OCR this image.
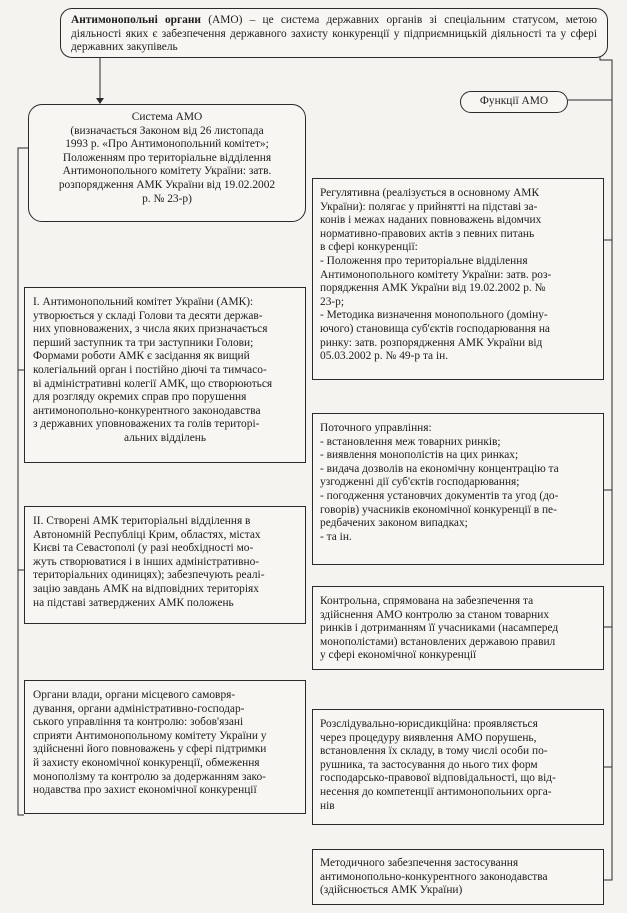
Антимонопольні органи (АМО) – це система державних органів зі спеціальним статусом, метою діяльності яких є забезпечення державного захисту конкуренції у підприємницькій діяльності та у сфері державних закупівель
Система АМО
(визначається Законом від 26 листопада
1993 р. «Про Антимонопольний комітет»;
Положенням про територіальне відділення
Антимонопольного комітету України: затв.
розпорядження АМК України від 19.02.2002
р. № 23-р)
Функції АМО
І. Антимонопольний комітет України (АМК):
утворюється у складі Голови та десяти держав-
них уповноважених, з числа яких призначається
перший заступник та три заступники Голови;
Формами роботи АМК є засідання як вищий
колегіальний орган і постійно діючі та тимчасо-
ві адміністративні колегії АМК, що створюються
для розгляду окремих справ про порушення
антимонопольно-конкурентного законодавства
з державних уповноважених та голів територі-
альних відділень
ІІ. Створені АМК територіальні відділення в
Автономній Республіці Крим, областях, містах
Києві та Севастополі (у разі необхідності мо-
жуть створюватися і в інших адміністративно-
територіальних одиницях); забезпечують реалі-
зацію завдань АМК на відповідних територіях
на підставі затверджених АМК положень
Органи влади, органи місцевого самовря-
дування, органи адміністративно-господар-
ського управління та контролю: зобов'язані
сприяти Антимонопольному комітету України у
здійсненні його повноважень у сфері підтримки
й захисту економічної конкуренції, обмеження
монополізму та контролю за додержанням зако-
нодавства про захист економічної конкуренції
Регулятивна (реалізується в основному АМК
України): полягає у прийнятті на підставі за-
конів і межах наданих повноважень відомчих
нормативно-правових актів з певних питань
в сфері конкуренції:
- Положення про територіальне відділення
Антимонопольного комітету України: затв. роз-
порядження АМК України від 19.02.2002 р. №
23-р;
- Методика визначення монопольного (доміну-
ючого) становища суб'єктів господарювання на
ринку: затв. розпорядження АМК України від
05.03.2002 р. № 49-р та ін.
Поточного управління:
- встановлення меж товарних ринків;
- виявлення монополістів на цих ринках;
- видача дозволів на економічну концентрацію та
узгодженні дії суб'єктів господарювання;
- погодження установчих документів та угод (до-
говорів) учасників економічної конкуренції в пе-
редбачених законом випадках;
- та ін.
Контрольна, спрямована на забезпечення та
здійснення АМО контролю за станом товарних
ринків і дотриманням її учасниками (насамперед
монополістами) встановлених державою правил
у сфері економічної конкуренції
Розслідувально-юрисдикційна: проявляється
через процедуру виявлення АМО порушень,
встановлення їх складу, в тому числі особи по-
рушника, та застосування до нього тих форм
господарсько-правової відповідальності, що від-
несення до компетенції антимонопольних орга-
нів
Методичного забезпечення застосування
антимонопольно-конкурентного законодавства
(здійснюється АМК України)
